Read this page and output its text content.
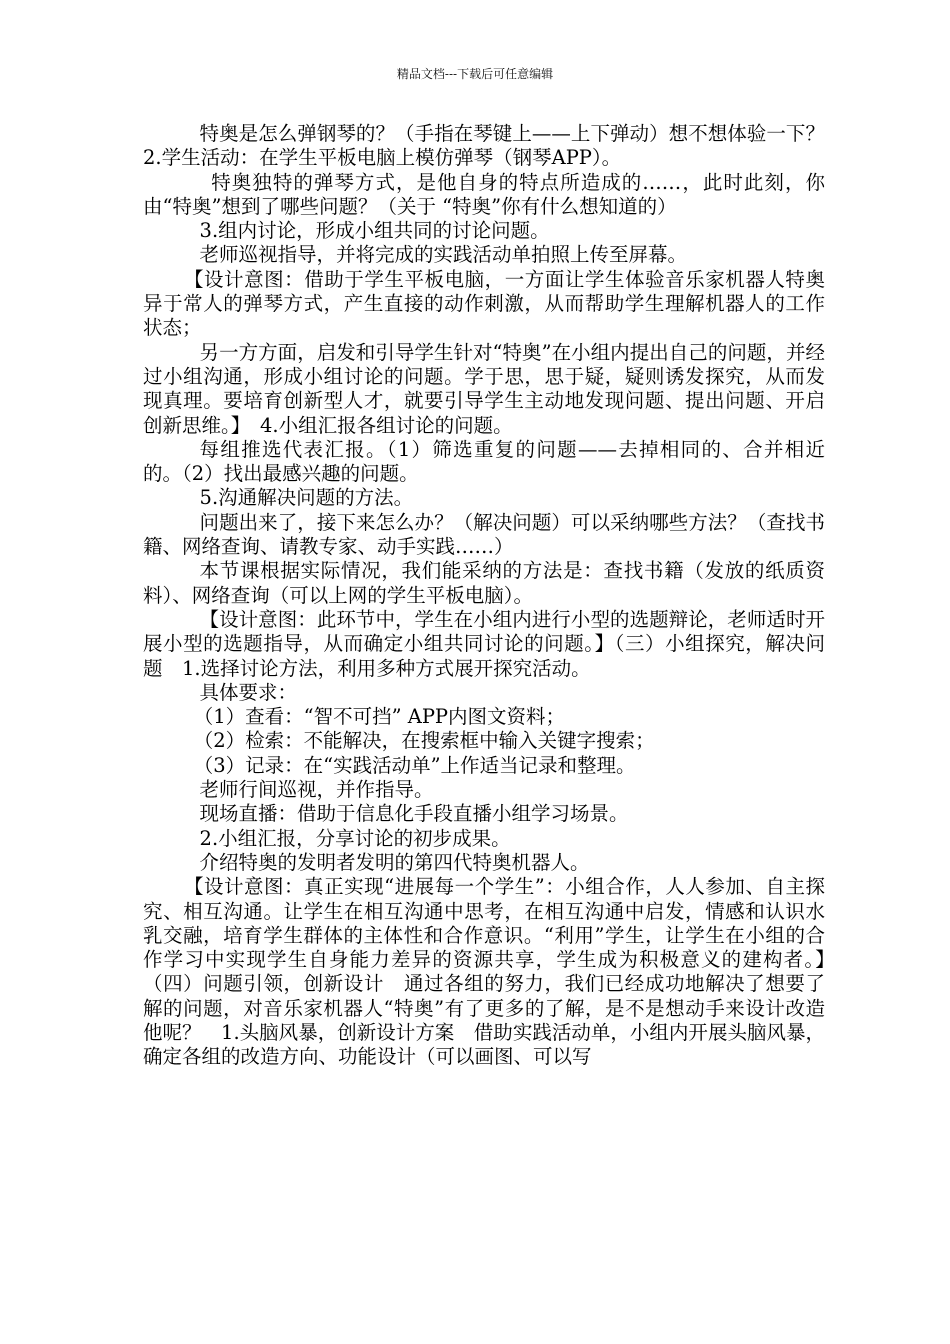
精品文档---下载后可任意编辑

特奥是怎么弹钢琴的？（手指在琴键上——上下弹动）想不想体验一下？　2.学生活动：在学生平板电脑上模仿弹琴（钢琴APP）。

特奥独特的弹琴方式，是他自身的特点所造成的……，此时此刻，你由“特奥”想到了哪些问题？（关于 “特奥”你有什么想知道的）

3.组内讨论，形成小组共同的讨论问题。

老师巡视指导，并将完成的实践活动单拍照上传至屏幕。

【设计意图：借助于学生平板电脑，一方面让学生体验音乐家机器人特奥异于常人的弹琴方式，产生直接的动作刺激，从而帮助学生理解机器人的工作状态；

另一方方面，启发和引导学生针对“特奥”在小组内提出自己的问题，并经过小组沟通，形成小组讨论的问题。学于思，思于疑，疑则诱发探究，从而发现真理。要培育创新型人才，就要引导学生主动地发现问题、提出问题、开启创新思维。】　4.小组汇报各组讨论的问题。

每组推选代表汇报。（1）筛选重复的问题——去掉相同的、合并相近的。（2）找出最感兴趣的问题。

5.沟通解决问题的方法。

问题出来了，接下来怎么办？（解决问题）可以采纳哪些方法？（查找书籍、网络查询、请教专家、动手实践……）

本节课根据实际情况，我们能采纳的方法是：查找书籍（发放的纸质资料）、网络查询（可以上网的学生平板电脑）。

【设计意图：此环节中，学生在小组内进行小型的选题辩论，老师适时开展小型的选题指导，从而确定小组共同讨论的问题。】（三）小组探究，解决问题　1.选择讨论方法，利用多种方式展开探究活动。

具体要求：

（1）查看：“智不可挡” APP内图文资料；

（2）检索：不能解决，在搜索框中输入关键字搜索；

（3）记录：在“实践活动单”上作适当记录和整理。

老师行间巡视，并作指导。

现场直播：借助于信息化手段直播小组学习场景。

2.小组汇报，分享讨论的初步成果。

介绍特奥的发明者发明的第四代特奥机器人。

【设计意图：真正实现“进展每一个学生”：小组合作，人人参加、自主探究、相互沟通。让学生在相互沟通中思考，在相互沟通中启发，情感和认识水乳交融，培育学生群体的主体性和合作意识。“利用”学生，让学生在小组的合作学习中实现学生自身能力差异的资源共享，学生成为积极意义的建构者。】　（四）问题引领，创新设计　通过各组的努力，我们已经成功地解决了想要了解的问题，对音乐家机器人“特奥”有了更多的了解，是不是想动手来设计改造他呢？　1.头脑风暴，创新设计方案　借助实践活动单，小组内开展头脑风暴，确定各组的改造方向、功能设计（可以画图、可以写
